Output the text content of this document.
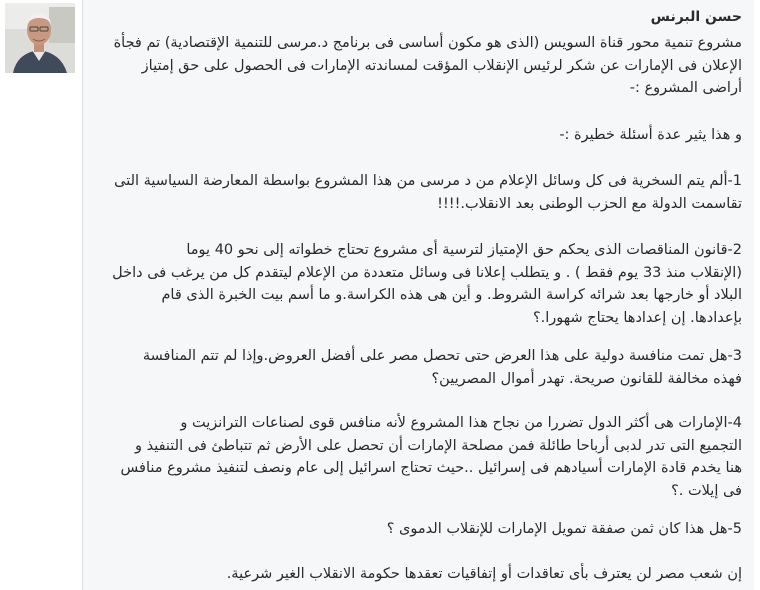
حسن البرنس
مشروع تنمية محور قناة السويس (الذى هو مكون أساسى فى برنامج د.مرسى للتنمية الإقتصادية) تم فجأة
الإعلان فى الإمارات عن شكر لرئيس الإنقلاب المؤقت لمساندته الإمارات فى الحصول على حق إمتياز
أراضى المشروع :-
و هذا يثير عدة أسئلة خطيرة :-
1-ألم يتم السخرية فى كل وسائل الإعلام من د مرسى من هذا المشروع بواسطة المعارضة السياسية التى
تقاسمت الدولة مع الحزب الوطنى بعد الانقلاب.!!!!
2-قانون المناقصات الذى يحكم حق الإمتياز لترسية أى مشروع تحتاج خطواته إلى نحو 40 يوما
(الإنقلاب منذ 33 يوم فقط ) . و يتطلب إعلانا فى وسائل متعددة من الإعلام ليتقدم كل من يرغب فى داخل
البلاد أو خارجها بعد شرائه كراسة الشروط. و أين هى هذه الكراسة.و ما أسم بيت الخبرة الذى قام
بإعدادها. إن إعدادها يحتاج شهورا.؟
3-هل تمت منافسة دولية على هذا العرض حتى تحصل مصر على أفضل العروض.وإذا لم تتم المنافسة
فهذه مخالفة للقانون صريحة. تهدر أموال المصريين؟
4-الإمارات هى أكثر الدول تضررا من نجاح هذا المشروع لأنه منافس قوى لصناعات الترانزيت و
التجميع التى تدر لدبى أرباحا طائلة فمن مصلحة الإمارات أن تحصل على الأرض ثم تتباطئ فى التنفيذ و
هنا يخدم قادة الإمارات أسيادهم فى إسرائيل ..حيث تحتاج اسرائيل إلى عام ونصف لتنفيذ مشروع منافس
فى إيلات .؟
5-هل هذا كان ثمن صفقة تمويل الإمارات للإنقلاب الدموى ؟
إن شعب مصر لن يعترف بأى تعاقدات أو إتفاقيات تعقدها حكومة الانقلاب الغير شرعية.
